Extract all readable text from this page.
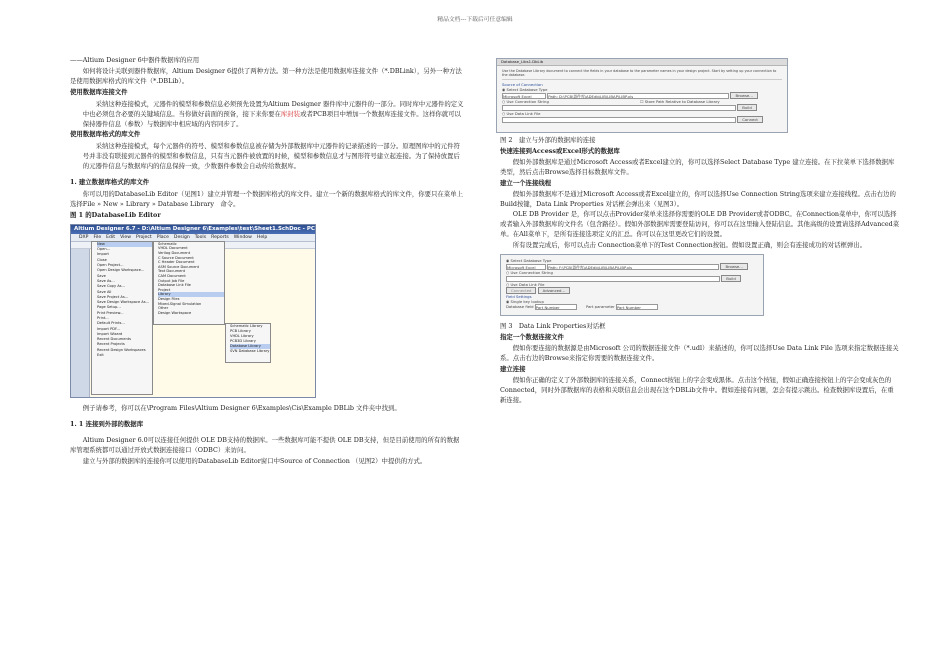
精品文档---下载后可任意编辑

——Altium Designer 6中器件数据库的应用

如何将设计关联到器件数据库，Altium Designer 6提供了两种方法。第一种方法是使用数据库连接文件（*.DBLink），另外一种方法是使用数据库格式的库文件（*.DBLib）。

使用数据库连接文件

采纳这种连接模式，元器件的模型和参数信息必须预先设置为Altium Designer 器件库中元器件的一部分。同时库中元器件的定义中也必须包含必要的关键域信息。当你做好前面的预备，接下来你要在库封装或者PCB项目中增加一个数据库连接文件。这样你就可以保持器件信息（参数）与数据库中相应域的内容同步了。

使用数据库格式的库文件

采纳这种连接模式，每个元器件的符号、模型和参数信息被存储为外部数据库中元器件的记录描述的一部分。原理图库中的元件符号并非没有联接到元器件的模型和参数信息，只有当元器件被放置的时候，模型和参数信息才与图形符号建立起连接。为了保持放置后的元器件信息与数据库内的信息保持一致，少数器件参数会自动传给数据库。

1. 建立数据库格式的库文件

你可以用的DatabaseLib Editor（见图1）建立并管理一个数据库格式的库文件。建立一个新的数据库格式的库文件，你要只在菜单上选择File » New » Library » Database Library　命令。

图 1 的DatabaseLib Editor

Altium Designer 6.7 - D:\Altium Designer 6\Examples\test\Sheet1.SchDoc - PC
DXP File Edit View Project Place Design Tools Reports Window Help
New
Open...
Import
Close
Open Project...
Open Design Workspace...
Save
Save As...
Save Copy As...
Save All
Save Project As...
Save Design Workspace As...
Page Setup...
Print Preview...
Print...
Default Prints...
Import PDF...
Import Wizard
Recent Documents
Recent Projects
Recent Design Workspaces
Exit
Schematic
VHDL Document
Verilog Document
C Source Document
C Header Document
ASM Source Document
Text Document
CAM Document
Output Job File
Database Link File
Project
Library
Design Files
Mixed-Signal Simulation
Other
Design Workspace
Schematic Library
PCB Library
VHDL Library
PCB3D Library
Database Library
SVN Database Library

例子请参考，你可以在\Program Files\Altium Designer 6\Examples\Cis\Example DBLib 文件夹中找到。

1. 1 连接到外部的数据库

Altium Designer 6.0可以连接任何提供 OLE DB支持的数据库。一些数据库可能不提供 OLE DB支持，但是目前使用的所有的数据库管理系统都可以通过开放式数据连接接口（ODBC）来访问。

建立与外部的数据库的连接你可以使用的DatabaseLib Editor窗口中Source of Connection （见图2）中提供的方式。

Database_Libs1.DbLib
Use the Database Library document to connect the fields in your database to the parameter names in your design project. Start by setting up your connection to the database.
Source of Connection
◉ Select Database Type
Microsoft Excel	Path: D:\PCB\器件库\ADEdb\LIB\LIBAP\LIBP.xls	Browse...
○ Use Connection String	☐ Store Path Relative to Database Library
Build
○ Use Data Link File
Connect

图 2　建立与外部的数据库的连接

快速连接到Access或Excel形式的数据库

假如外部数据库是通过Microsoft Access或者Excel建立的，你可以选择Select Database Type 建立连接。在下拉菜单下选择数据库类型，然后点击Browse选择目标数据库文件。

建立一个连接线程

假如外部数据库不是通过Microsoft Access或者Excel建立的，你可以选择Use Connection String选项来建立连接线程。点击右边的Build按键，Data Link Properties 对话框会弹出来（见图3）。

OLE DB Provider 是，你可以点击Provider菜单来选择你需要的OLE DB Provider或者ODBC。在Connection菜单中，你可以选择或者输入外部数据库的文件名（包含路径）。假如外部数据库需要登陆访问，你可以在这里输入登陆信息。其他高级的设置请选择Advanced菜单。在All菜单下，是所有连接选项定义的汇总。你可以在这里更改它们的设置。

所有设置完成后，你可以点击 Connection菜单下的Test Connection按钮。假如设置正确，则会有连接成功的对话框弹出。

◉ Select Database Type
Microsoft Excel	Path: F:\PCB\器件库\ADEdb\LIB\LIBAP\LIBP.xls	Browse...
○ Use Connection String
Build
○ Use Data Link File
Connected	Advanced...
Field Settings
◉ Single key lookup
Database field Part Number	Part parameter Part Number

图 3　Data Link Properties对话框

指定一个数据连接文件

假如你要连接的数据源是由Microsoft 公司的数据连接文件（*.udl）来描述的，你可以选择Use Data Link File 选项来指定数据连接关系。点击右边的Browse来指定你需要的数据连接文件。

建立连接

假如你正确的定义了外部数据库的连接关系，Connect按钮上的字会变成黑体。点击这个按钮，假如正确连接按钮上的字会变成灰色的Connected，同时外部数据库的表格和关联信息会出现在这个DBLib文件中。假如连接有问题，怎会有提示跳出。检查数据库设置后，在重新连接。
